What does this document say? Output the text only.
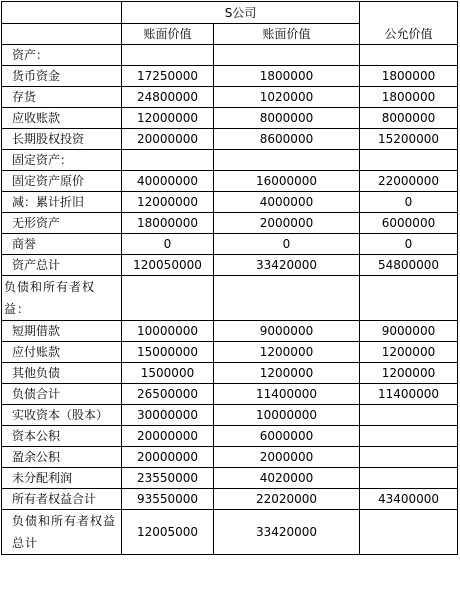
	S公司		
	账面价值	账面价值	公允价值
资产：			
货币资金	17250000	1800000	1800000
存货	24800000	1020000	1800000
应收账款	12000000	8000000	8000000
长期股权投资	20000000	8600000	15200000
固定资产：			
固定资产原价	40000000	16000000	22000000
减：累计折旧	12000000	4000000	0
无形资产	18000000	2000000	6000000
商誉	0	0	0
资产总计	120050000	33420000	54800000
负债和所有者权益：			
短期借款	10000000	9000000	9000000
应付账款	15000000	1200000	1200000
其他负债	1500000	1200000	1200000
负债合计	26500000	11400000	11400000
实收资本（股本）	30000000	10000000	
资本公积	20000000	6000000	
盈余公积	20000000	2000000	
未分配利润	23550000	4020000	
所有者权益合计	93550000	22020000	43400000
负债和所有者权益总计	12005000	33420000	
